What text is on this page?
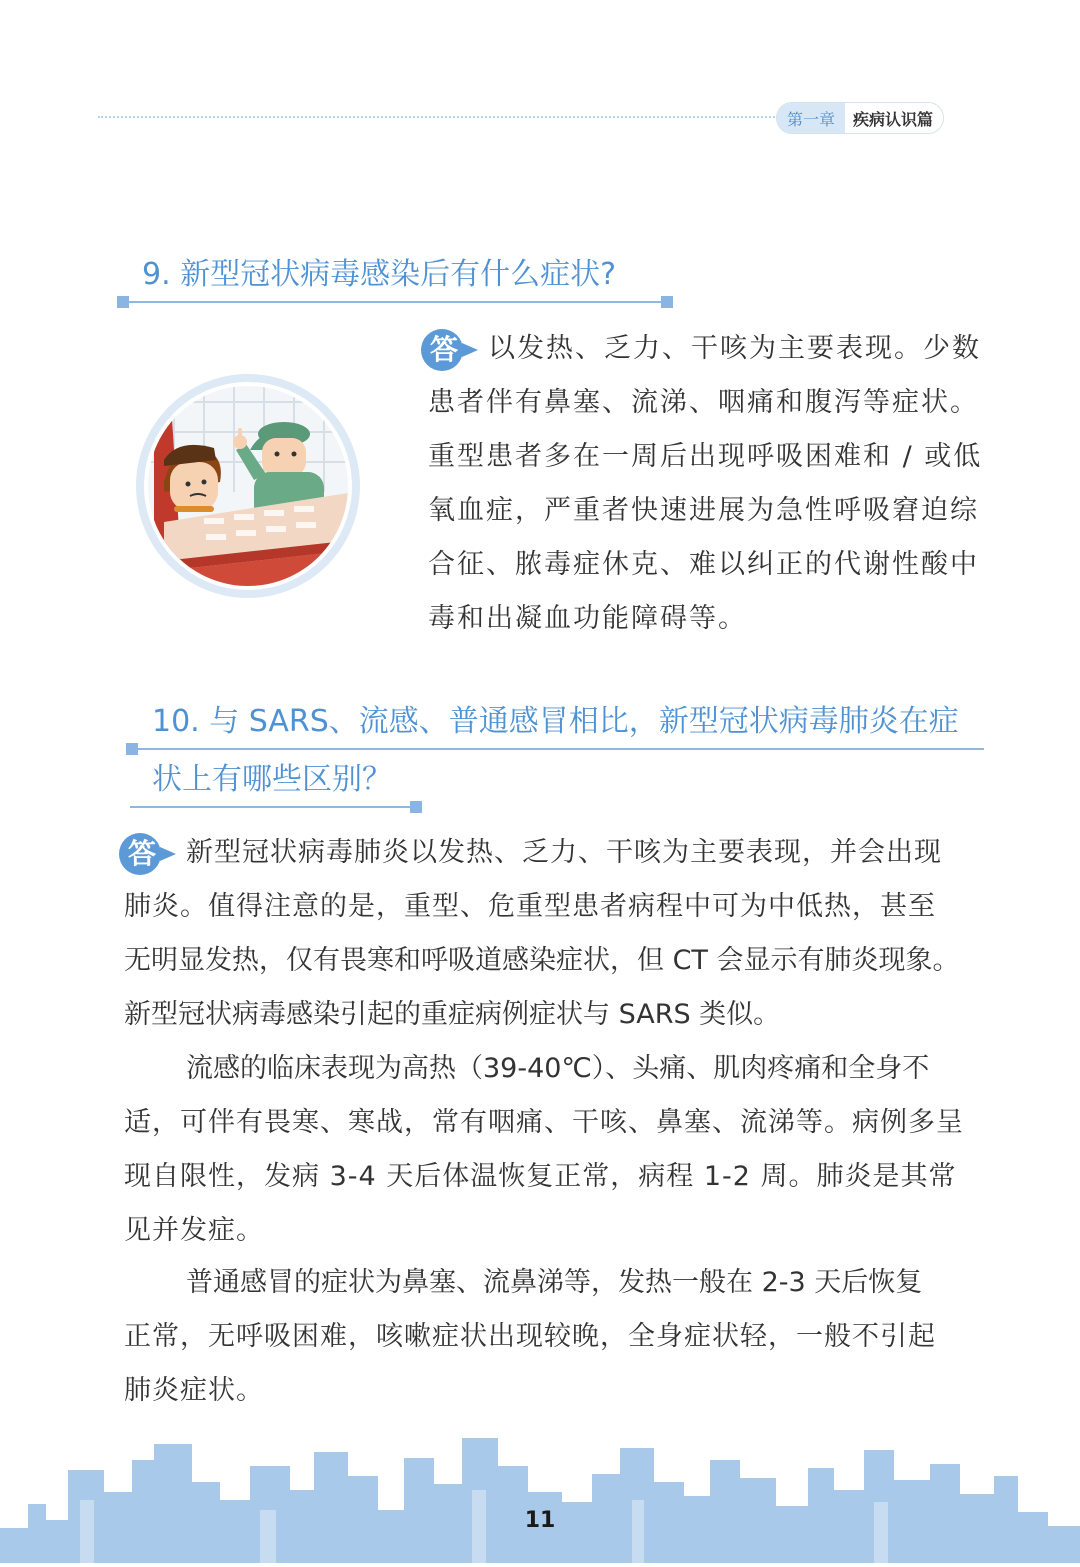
第一章	疾病认识篇
9. 新型冠状病毒感染后有什么症状?
答 以发热、乏力、干咳为主要表现。少数

患者伴有鼻塞、流涕、咽痛和腹泻等症状。

重型患者多在一周后出现呼吸困难和 / 或低

氧血症，严重者快速进展为急性呼吸窘迫综

合征、脓毒症休克、难以纠正的代谢性酸中

毒和出凝血功能障碍等。

10. 与 SARS、流感、普通感冒相比，新型冠状病毒肺炎在症
状上有哪些区别？
答 新型冠状病毒肺炎以发热、乏力、干咳为主要表现，并会出现

肺炎。值得注意的是，重型、危重型患者病程中可为中低热，甚至

无明显发热，仅有畏寒和呼吸道感染症状，但 CT 会显示有肺炎现象。

新型冠状病毒感染引起的重症病例症状与 SARS 类似。

流感的临床表现为高热（39-40℃）、头痛、肌肉疼痛和全身不

适，可伴有畏寒、寒战，常有咽痛、干咳、鼻塞、流涕等。病例多呈

现自限性，发病 3-4 天后体温恢复正常，病程 1-2 周。肺炎是其常

见并发症。

普通感冒的症状为鼻塞、流鼻涕等，发热一般在 2-3 天后恢复

正常，无呼吸困难，咳嗽症状出现较晚，全身症状轻，一般不引起

肺炎症状。

11
